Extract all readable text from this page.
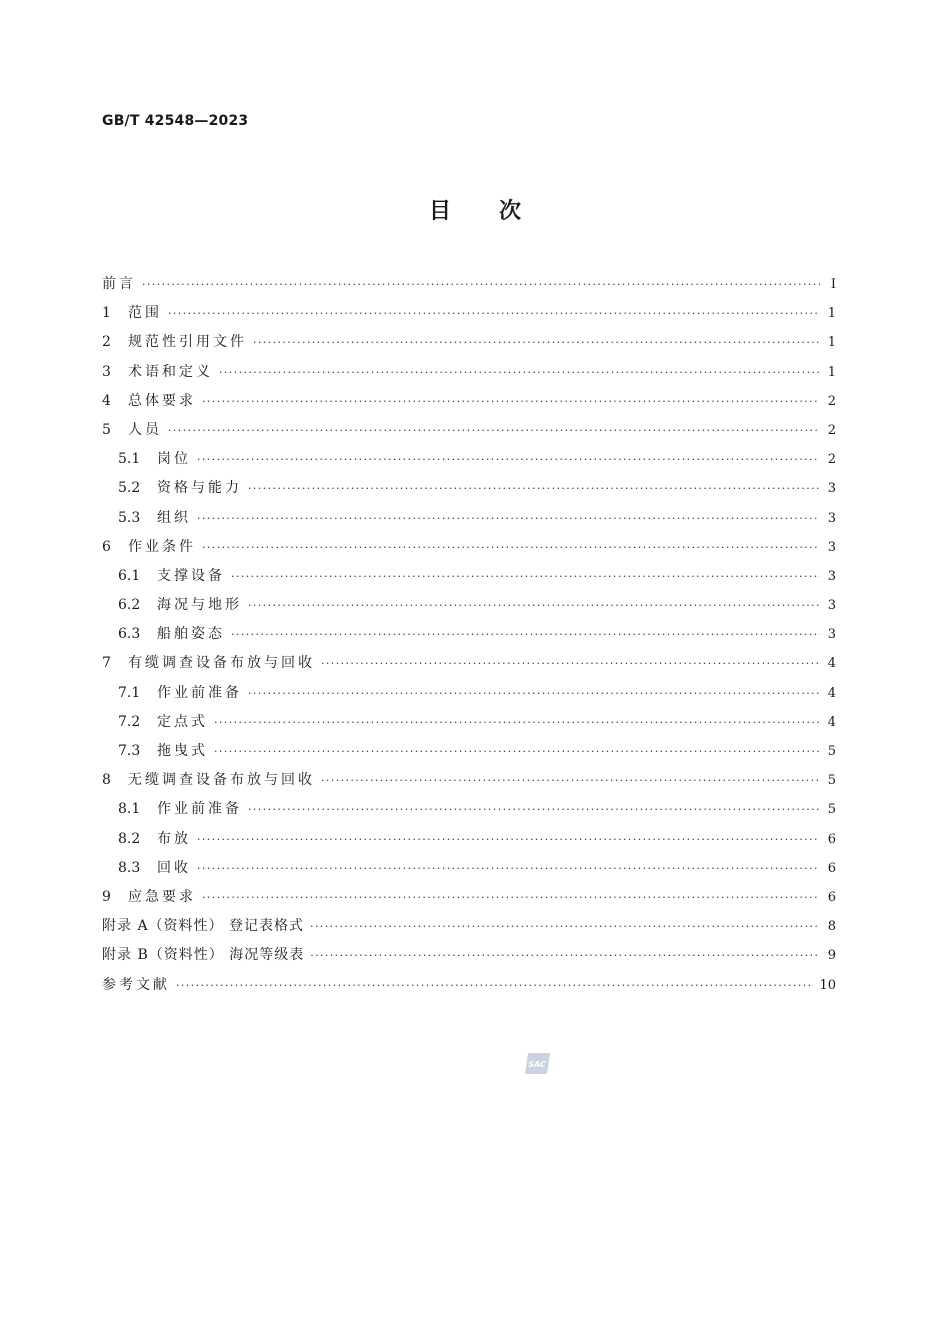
GB/T 42548—2023
目 次
前言 ·····	Ⅰ
1	范围 ·····	1
2	规范性引用文件 ·····	1
3	术语和定义 ·····	1
4	总体要求 ·····	2
5	人员 ·····	2
5.1	岗位 ·····	2
5.2	资格与能力 ·····	3
5.3	组织 ·····	3
6	作业条件 ·····	3
6.1	支撑设备 ·····	3
6.2	海况与地形 ·····	3
6.3	船舶姿态 ·····	3
7	有缆调查设备布放与回收 ·····	4
7.1	作业前准备 ·····	4
7.2	定点式 ·····	4
7.3	拖曳式 ·····	5
8	无缆调查设备布放与回收 ·····	5
8.1	作业前准备 ·····	5
8.2	布放 ·····	6
8.3	回收 ·····	6
9	应急要求 ·····	6
附录 A（资料性） 登记表格式 ·····	8
附录 B（资料性） 海况等级表 ·····	9
参考文献 ·····	10
SAC
